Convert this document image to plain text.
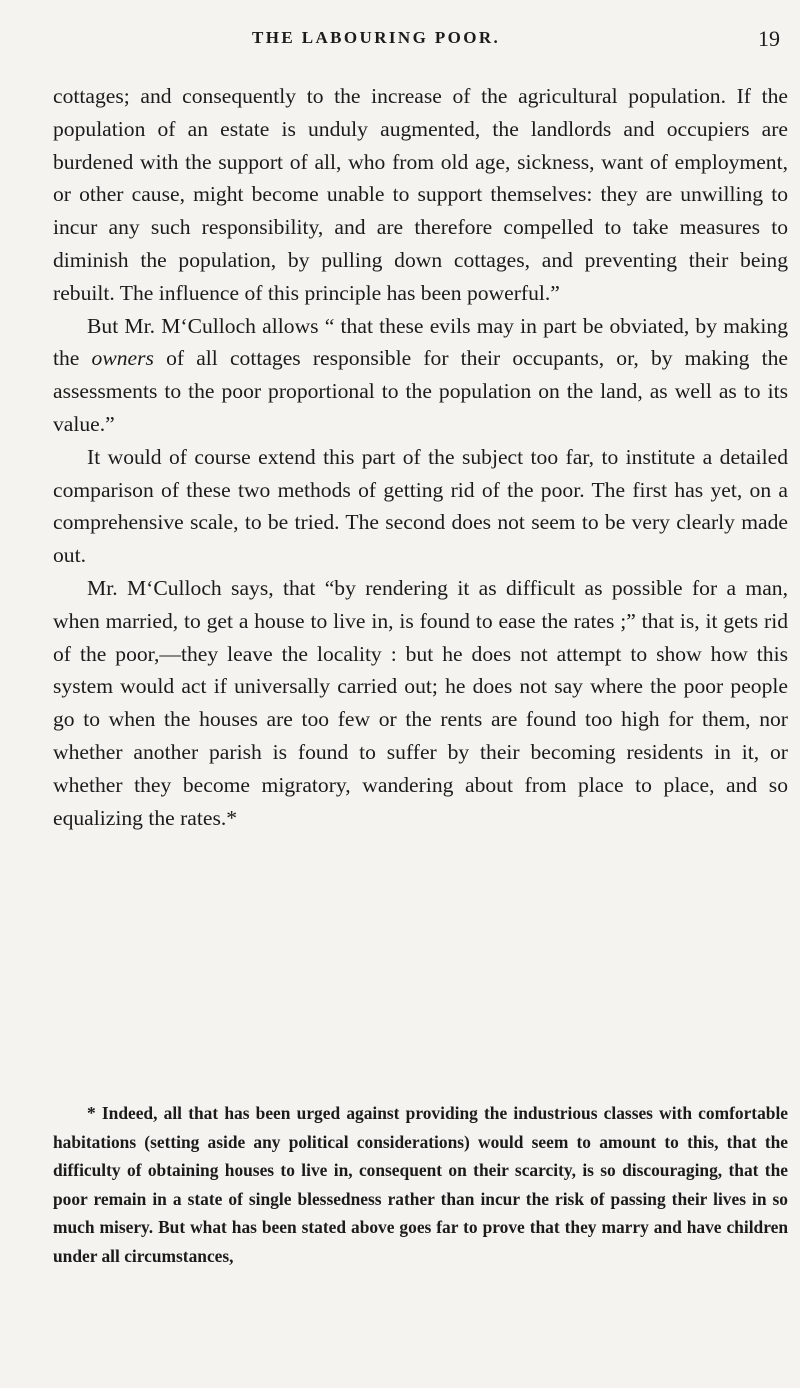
THE LABOURING POOR.	19

cottages; and consequently to the increase of the agricultural population. If the population of an estate is unduly augmented, the landlords and occupiers are burdened with the support of all, who from old age, sickness, want of employment, or other cause, might become unable to support themselves: they are unwilling to incur any such responsibility, and are therefore compelled to take measures to diminish the population, by pulling down cottages, and preventing their being rebuilt. The influence of this principle has been powerful.”

But Mr. M‘Culloch allows “ that these evils may in part be obviated, by making the owners of all cottages responsible for their occupants, or, by making the assessments to the poor proportional to the population on the land, as well as to its value.”

It would of course extend this part of the subject too far, to institute a detailed comparison of these two methods of getting rid of the poor. The first has yet, on a comprehensive scale, to be tried. The second does not seem to be very clearly made out.

Mr. M‘Culloch says, that “by rendering it as difficult as possible for a man, when married, to get a house to live in, is found to ease the rates ;” that is, it gets rid of the poor,—they leave the locality : but he does not attempt to show how this system would act if universally carried out; he does not say where the poor people go to when the houses are too few or the rents are found too high for them, nor whether another parish is found to suffer by their becoming residents in it, or whether they become migratory, wandering about from place to place, and so equalizing the rates.*

* Indeed, all that has been urged against providing the industrious classes with comfortable habitations (setting aside any political considerations) would seem to amount to this, that the difficulty of obtaining houses to live in, consequent on their scarcity, is so discouraging, that the poor remain in a state of single blessedness rather than incur the risk of passing their lives in so much misery. But what has been stated above goes far to prove that they marry and have children under all circumstances,
